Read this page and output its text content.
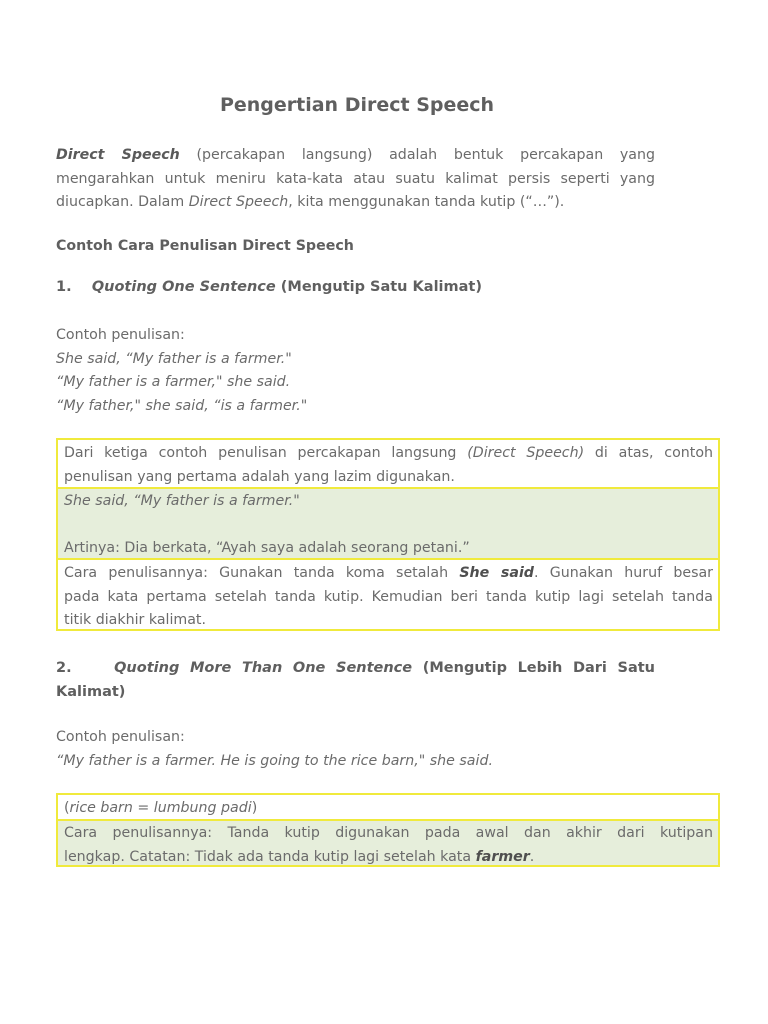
Pengertian Direct Speech

Direct Speech (percakapan langsung) adalah bentuk percakapan yang
mengarahkan untuk meniru kata-kata atau suatu kalimat persis seperti yang
diucapkan. Dalam Direct Speech, kita menggunakan tanda kutip (“…”).

Contoh Cara Penulisan Direct Speech
1. Quoting One Sentence (Mengutip Satu Kalimat)
Contoh penulisan:
She said, “My father is a farmer."
“My father is a farmer," she said.
“My father," she said, “is a farmer."
Dari ketiga contoh penulisan percakapan langsung (Direct Speech) di atas, contoh
penulisan yang pertama adalah yang lazim digunakan.
She said, “My father is a farmer."
Artinya: Dia berkata, “Ayah saya adalah seorang petani.”
Cara penulisannya: Gunakan tanda koma setalah She said. Gunakan huruf besar
pada kata pertama setelah tanda kutip. Kemudian beri tanda kutip lagi setelah tanda
titik diakhir kalimat.
2.	Quoting More Than One Sentence (Mengutip Lebih Dari Satu
Kalimat)
Contoh penulisan:
“My father is a farmer. He is going to the rice barn," she said.
(rice barn = lumbung padi)
Cara penulisannya: Tanda kutip digunakan pada awal dan akhir dari kutipan
lengkap. Catatan: Tidak ada tanda kutip lagi setelah kata farmer.
